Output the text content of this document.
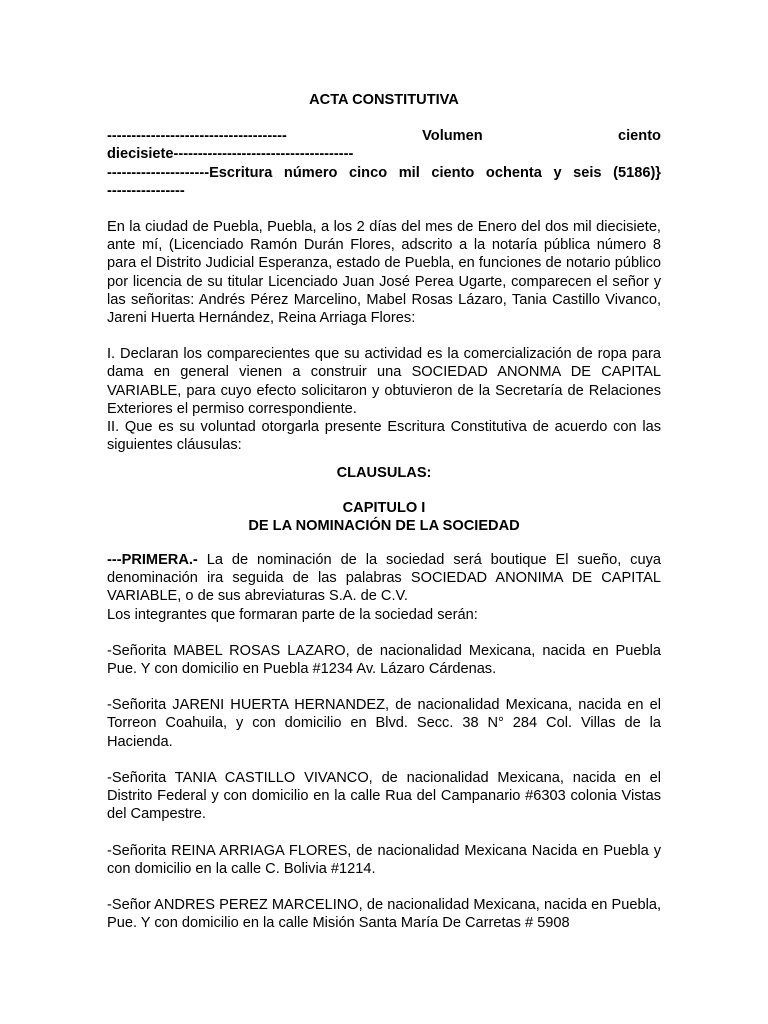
ACTA CONSTITUTIVA

-------------------------------------	Volumen	ciento
diecisiete-------------------------------------
---------------------Escritura número cinco mil ciento ochenta y seis (5186)}
----------------

En la ciudad de Puebla, Puebla, a los 2 días del mes de Enero del dos mil diecisiete, ante mí, (Licenciado Ramón Durán Flores, adscrito a la notaría pública número 8 para el Distrito Judicial Esperanza, estado de Puebla, en funciones de notario público por licencia de su titular Licenciado Juan José Perea Ugarte, comparecen el señor y las señoritas: Andrés Pérez Marcelino, Mabel Rosas Lázaro, Tania Castillo Vivanco, Jareni Huerta Hernández, Reina Arriaga Flores:

I. Declaran los comparecientes que su actividad es la comercialización de ropa para dama en general vienen a construir una SOCIEDAD ANONMA DE CAPITAL VARIABLE, para cuyo efecto solicitaron y obtuvieron de la Secretaría de Relaciones Exteriores el permiso correspondiente.

II. Que es su voluntad otorgarla presente Escritura Constitutiva de acuerdo con las siguientes cláusulas:

CLAUSULAS:

CAPITULO I

DE LA NOMINACIÓN DE LA SOCIEDAD

---PRIMERA.- La de nominación de la sociedad será boutique El sueño, cuya denominación ira seguida de las palabras SOCIEDAD ANONIMA DE CAPITAL VARIABLE, o de sus abreviaturas S.A. de C.V.

Los integrantes que formaran parte de la sociedad serán:

-Señorita MABEL ROSAS LAZARO, de nacionalidad Mexicana, nacida en Puebla Pue. Y con domicilio en Puebla #1234 Av. Lázaro Cárdenas.

-Señorita JARENI HUERTA HERNANDEZ, de nacionalidad Mexicana, nacida en el Torreon Coahuila, y con domicilio en Blvd. Secc. 38 N° 284 Col. Villas de la Hacienda.

-Señorita TANIA CASTILLO VIVANCO, de nacionalidad Mexicana, nacida en el Distrito Federal y con domicilio en la calle Rua del Campanario #6303 colonia Vistas del Campestre.

-Señorita REINA ARRIAGA FLORES, de nacionalidad Mexicana Nacida en Puebla y con domicilio en la calle C. Bolivia #1214.

-Señor ANDRES PEREZ MARCELINO, de nacionalidad Mexicana, nacida en Puebla, Pue. Y con domicilio en la calle Misión Santa María De Carretas # 5908
